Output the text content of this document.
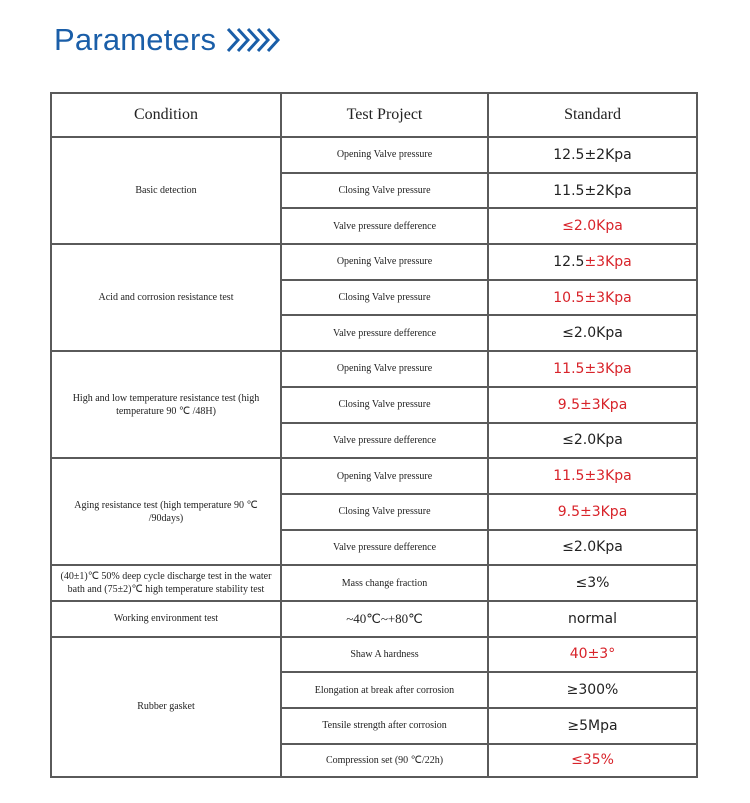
Parameters
Condition	Test Project	Standard
Basic detection	Opening Valve pressure	12.5±2Kpa
	Closing Valve pressure	11.5±2Kpa
	Valve pressure defference	≤2.0Kpa
Acid and corrosion resistance test	Opening Valve pressure	12.5±3Kpa
	Closing Valve pressure	10.5±3Kpa
	Valve pressure defference	≤2.0Kpa
High and low temperature resistance test (high temperature 90 ℃ /48H)	Opening Valve pressure	11.5±3Kpa
	Closing Valve pressure	9.5±3Kpa
	Valve pressure defference	≤2.0Kpa
Aging resistance test (high temperature 90 ℃ /90days)	Opening Valve pressure	11.5±3Kpa
	Closing Valve pressure	9.5±3Kpa
	Valve pressure defference	≤2.0Kpa
(40±1)℃ 50% deep cycle discharge test in the water bath and (75±2)℃ high temperature stability test	Mass change fraction	≤3%
Working environment test	~40℃~+80℃	normal
Rubber gasket	Shaw A hardness	40±3°
	Elongation at break after corrosion	≥300%
	Tensile strength after corrosion	≥5Mpa
	Compression set (90 ℃/22h)	≤35%
